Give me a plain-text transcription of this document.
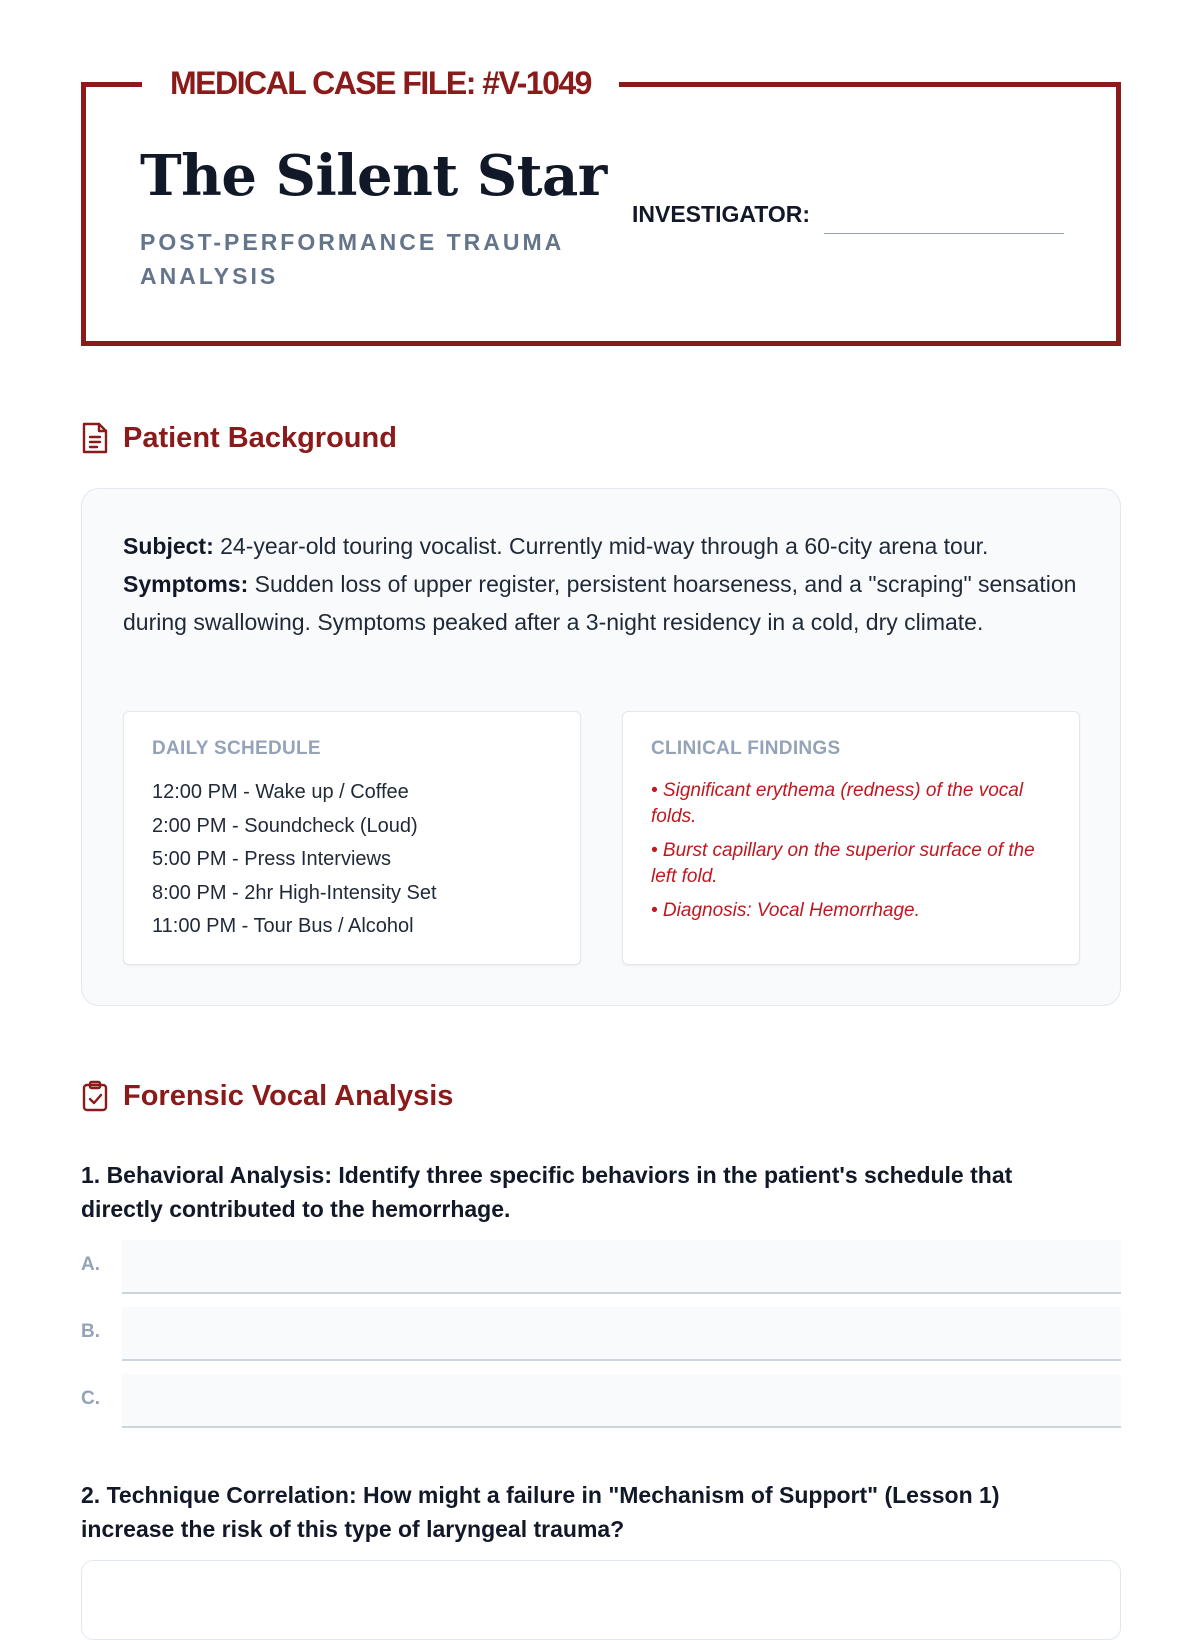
MEDICAL CASE FILE: #V-1049
The Silent Star
POST-PERFORMANCE TRAUMA ANALYSIS
INVESTIGATOR:
Patient Background
Subject: 24-year-old touring vocalist. Currently mid-way through a 60-city arena tour.
Symptoms: Sudden loss of upper register, persistent hoarseness, and a "scraping" sensation during swallowing. Symptoms peaked after a 3-night residency in a cold, dry climate.
DAILY SCHEDULE
12:00 PM - Wake up / Coffee
2:00 PM - Soundcheck (Loud)
5:00 PM - Press Interviews
8:00 PM - 2hr High-Intensity Set
11:00 PM - Tour Bus / Alcohol
CLINICAL FINDINGS
• Significant erythema (redness) of the vocal folds.
• Burst capillary on the superior surface of the left fold.
• Diagnosis: Vocal Hemorrhage.
Forensic Vocal Analysis
1. Behavioral Analysis: Identify three specific behaviors in the patient's schedule that directly contributed to the hemorrhage.
A.
B.
C.
2. Technique Correlation: How might a failure in "Mechanism of Support" (Lesson 1) increase the risk of this type of laryngeal trauma?
